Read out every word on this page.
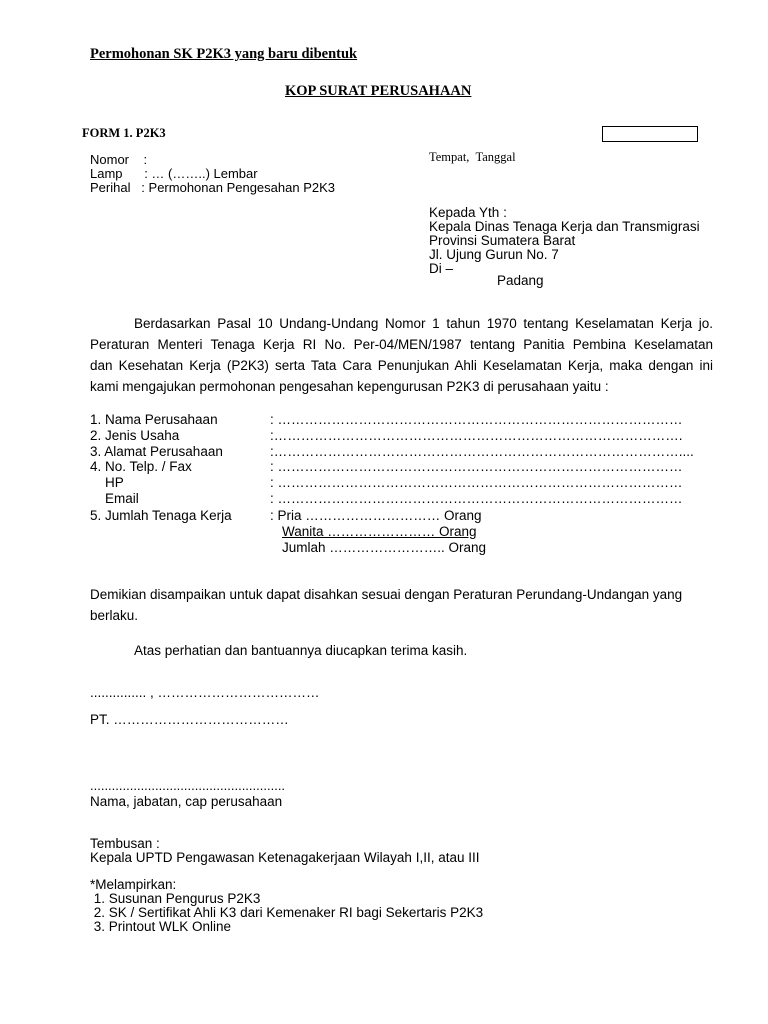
Permohonan SK P2K3 yang baru dibentuk
KOP SURAT PERUSAHAAN
FORM 1. P2K3
Nomor    :
Lamp      : … (……..) Lembar
Perihal   : Permohonan Pengesahan P2K3
Tempat,  Tanggal
Kepada Yth :
Kepala Dinas Tenaga Kerja dan Transmigrasi
Provinsi Sumatera Barat
Jl. Ujung Gurun No. 7
Di –
Padang
Berdasarkan Pasal 10 Undang-Undang Nomor 1 tahun 1970 tentang Keselamatan Kerja jo.
Peraturan Menteri Tenaga Kerja RI No. Per-04/MEN/1987 tentang Panitia Pembina Keselamatan
dan Kesehatan Kerja (P2K3) serta Tata Cara Penunjukan Ahli Keselamatan Kerja, maka dengan ini
kami mengajukan permohonan pengesahan kepengurusan P2K3 di perusahaan yaitu :
1. Nama Perusahaan	: ………………………………………………………………………………
2. Jenis Usaha	:……………………………………………………………………………….
3. Alamat Perusahaan	:………………………………………………………………………………....
4. No. Telp. / Fax	: ………………………………………………………………………………
HP	: ………………………………………………………………………………
Email	: ………………………………………………………………………………
5. Jumlah Tenaga Kerja	: Pria ………………………… Orang
Wanita …………………… Orang
Jumlah …………………….. Orang
Demikian disampaikan untuk dapat disahkan sesuai dengan Peraturan Perundang-Undangan yang
berlaku.
Atas perhatian dan bantuannya diucapkan terima kasih.
............... , ………………………………
PT. …………………………………
......................................................
Nama, jabatan, cap perusahaan
Tembusan :
Kepala UPTD Pengawasan Ketenagakerjaan Wilayah I,II, atau III
*Melampirkan:
1. Susunan Pengurus P2K3
2. SK / Sertifikat Ahli K3 dari Kemenaker RI bagi Sekertaris P2K3
3. Printout WLK Online
